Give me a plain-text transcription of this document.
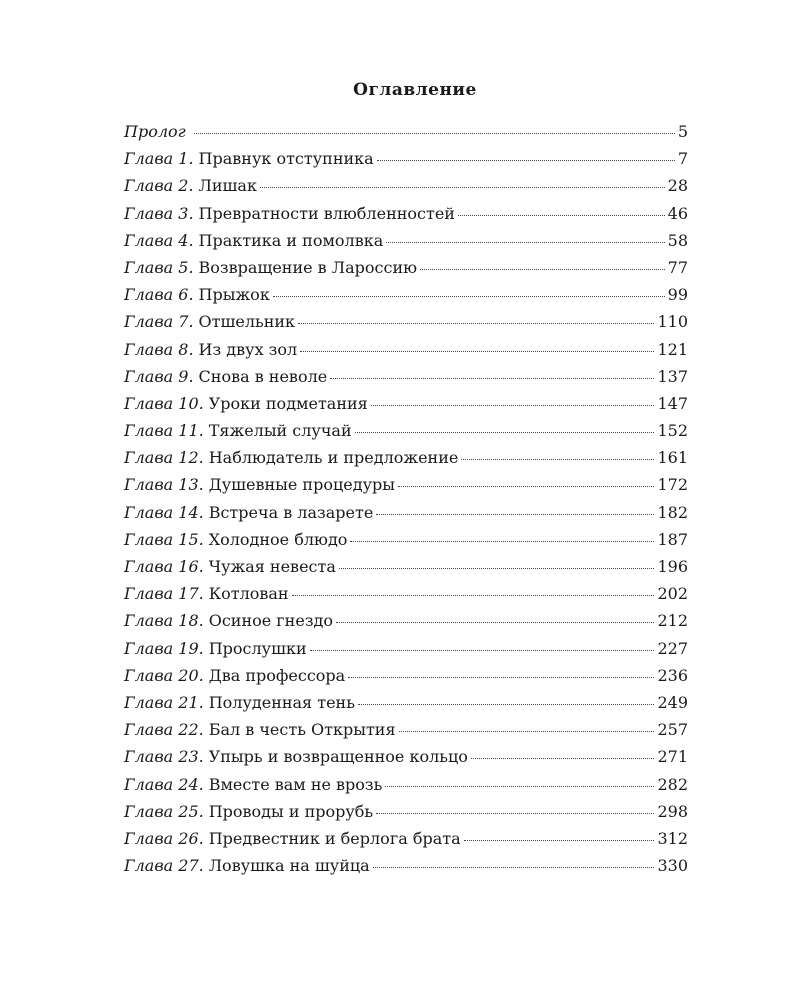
Оглавление
Пролог	5
Глава 1. Правнук отступника	7
Глава 2. Лишак	28
Глава 3. Превратности влюбленностей	46
Глава 4. Практика и помолвка	58
Глава 5. Возвращение в Лароссию	77
Глава 6. Прыжок	99
Глава 7. Отшельник	110
Глава 8. Из двух зол	121
Глава 9. Снова в неволе	137
Глава 10. Уроки подметания	147
Глава 11. Тяжелый случай	152
Глава 12. Наблюдатель и предложение	161
Глава 13. Душевные процедуры	172
Глава 14. Встреча в лазарете	182
Глава 15. Холодное блюдо	187
Глава 16. Чужая невеста	196
Глава 17. Котлован	202
Глава 18. Осиное гнездо	212
Глава 19. Прослушки	227
Глава 20. Два профессора	236
Глава 21. Полуденная тень	249
Глава 22. Бал в честь Открытия	257
Глава 23. Упырь и возвращенное кольцо	271
Глава 24. Вместе вам не врозь	282
Глава 25. Проводы и прорубь	298
Глава 26. Предвестник и берлога брата	312
Глава 27. Ловушка на шуйца	330
